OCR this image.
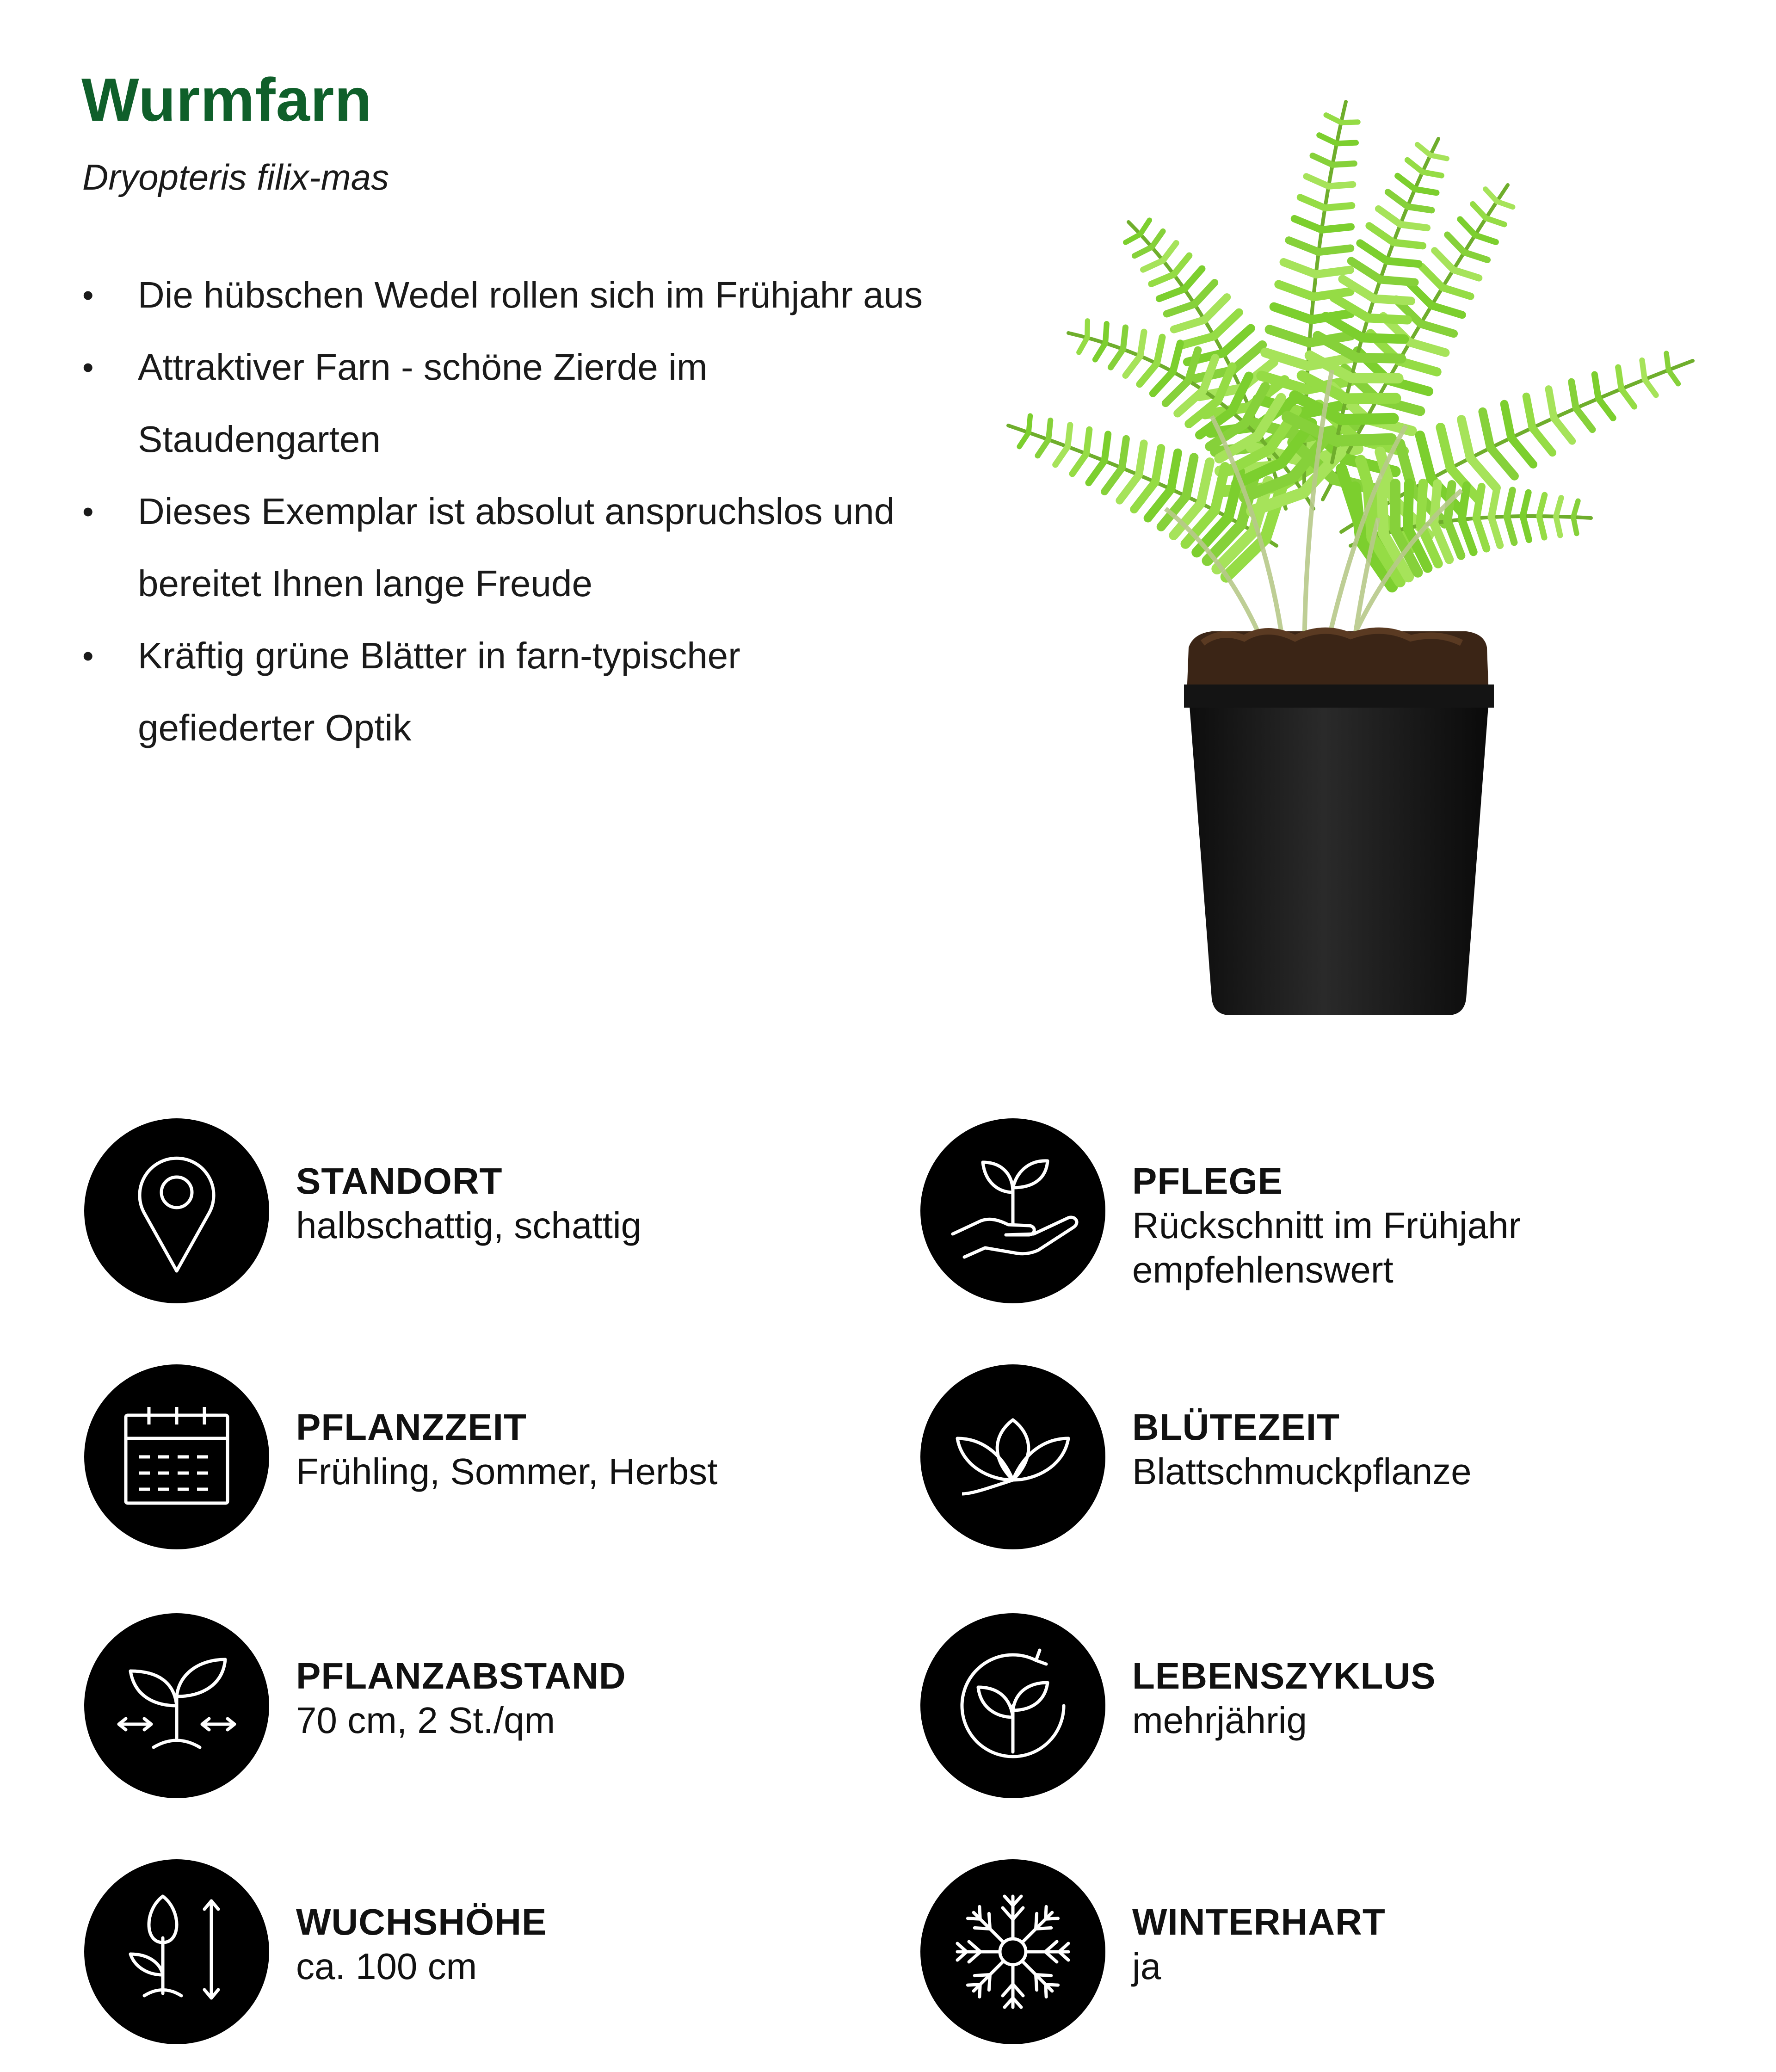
Wurmfarn

Dryopteris filix-mas

•	Die hübschen Wedel rollen sich im Frühjahr aus
•	Attraktiver Farn - schöne Zierde im Staudengarten
•	Dieses Exemplar ist absolut anspruchslos und bereitet Ihnen lange Freude
•	Kräftig grüne Blätter in farn-typischer gefiederter Optik
STANDORT
halbschattig, schattig
PFLEGE
Rückschnitt im Frühjahr empfehlenswert
PFLANZZEIT
Frühling, Sommer, Herbst
BLÜTEZEIT
Blattschmuckpflanze
PFLANZABSTAND
70 cm, 2 St./qm
LEBENSZYKLUS
mehrjährig
WUCHSHÖHE
ca. 100 cm
WINTERHART
ja
